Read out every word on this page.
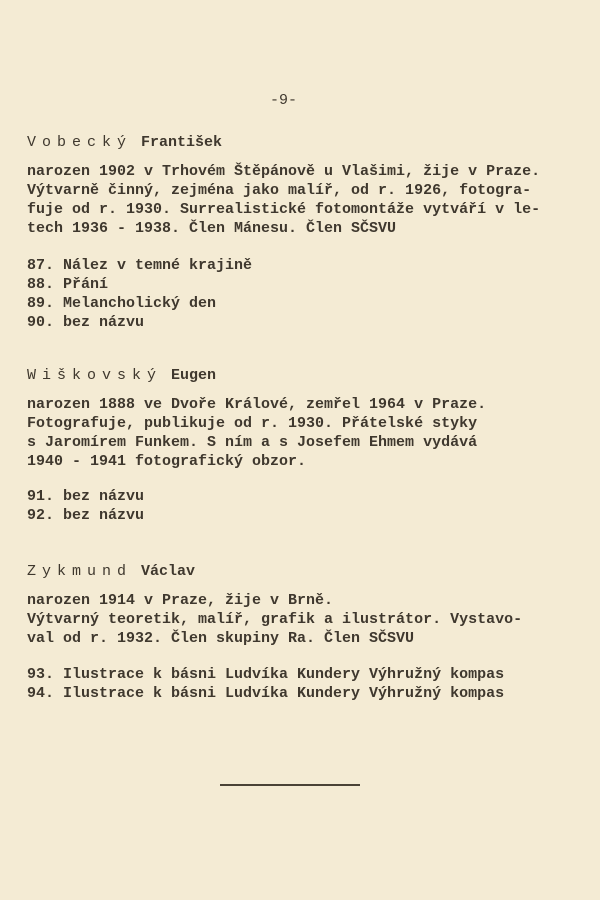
-9-
Vobecký František
narozen 1902 v Trhovém Štěpánově u Vlašimi, žije v Praze.
Výtvarně činný, zejména jako malíř, od r. 1926, fotogra-
fuje od r. 1930. Surrealistické fotomontáže vytváří v le-
tech 1936 - 1938. Člen Mánesu. Člen SČSVU
87. Nález v temné krajině
88. Přání
89. Melancholický den
90. bez názvu
Wiškovský Eugen
narozen 1888 ve Dvoře Králové, zemřel 1964 v Praze.
Fotografuje, publikuje od r. 1930. Přátelské styky
s Jaromírem Funkem. S ním a s Josefem Ehmem vydává
1940 - 1941 fotografický obzor.
91. bez názvu
92. bez názvu
Zykmund Václav
narozen 1914 v Praze, žije v Brně.
Výtvarný teoretik, malíř, grafik a ilustrátor. Vystavo-
val od r. 1932. Člen skupiny Ra. Člen SČSVU
93. Ilustrace k básni Ludvíka Kundery Výhružný kompas
94. Ilustrace k básni Ludvíka Kundery Výhružný kompas
